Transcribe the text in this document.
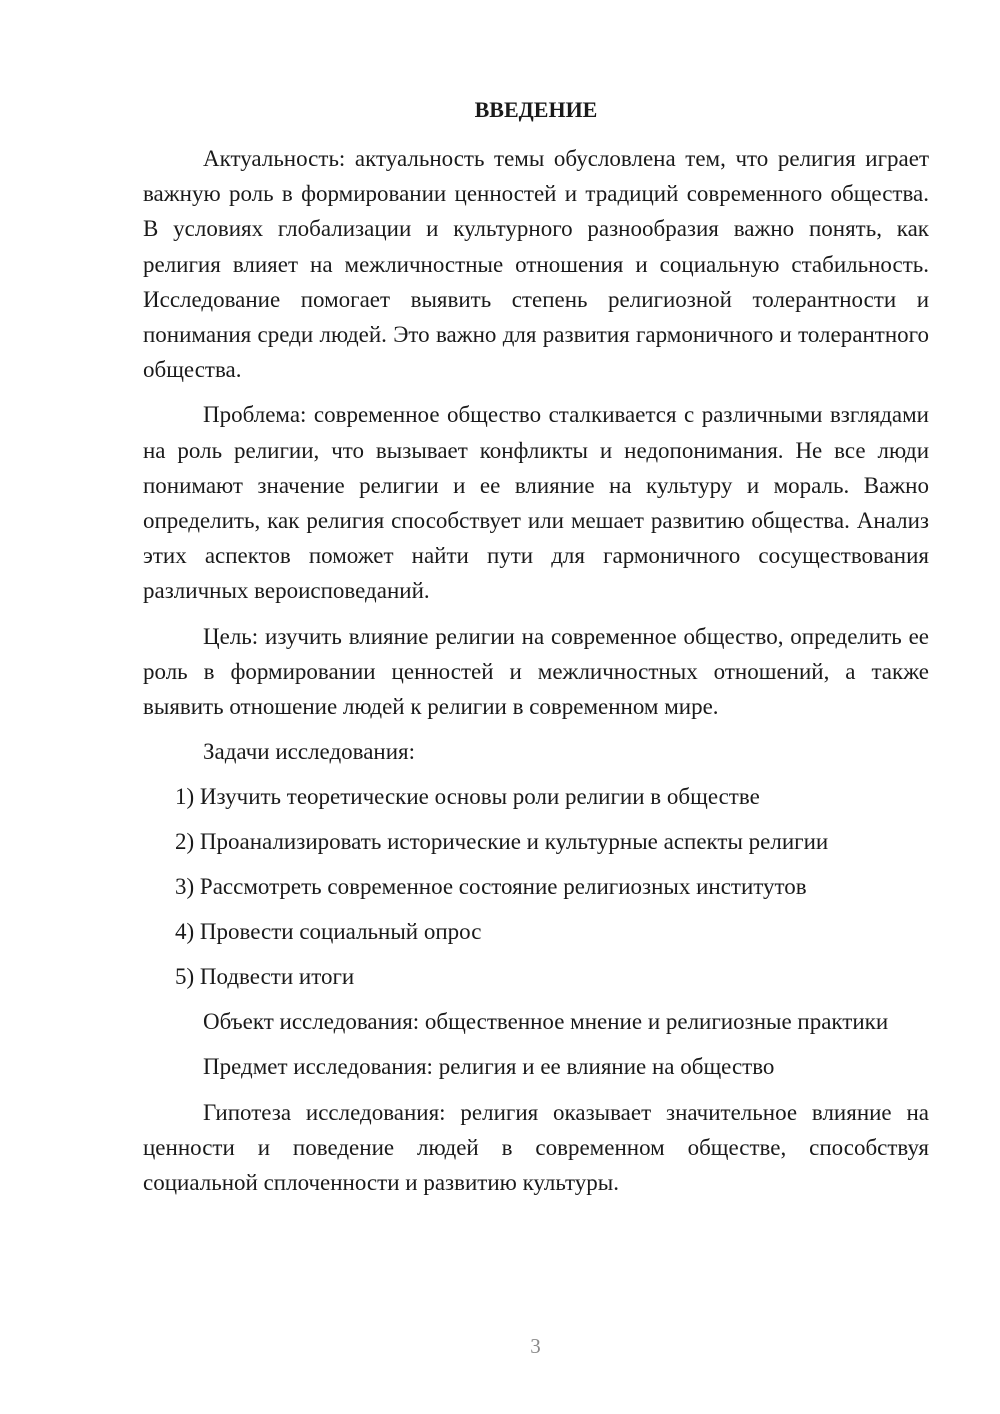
ВВЕДЕНИЕ

Актуальность: актуальность темы обусловлена тем, что религия играет важную роль в формировании ценностей и традиций современного общества. В условиях глобализации и культурного разнообразия важно понять, как религия влияет на межличностные отношения и социальную стабильность. Исследование помогает выявить степень религиозной толерантности и понимания среди людей. Это важно для развития гармоничного и толерантного общества.

Проблема: современное общество сталкивается с различными взглядами на роль религии, что вызывает конфликты и недопонимания. Не все люди понимают значение религии и ее влияние на культуру и мораль. Важно определить, как религия способствует или мешает развитию общества. Анализ этих аспектов поможет найти пути для гармоничного сосуществования различных вероисповеданий.

Цель: изучить влияние религии на современное общество, определить ее роль в формировании ценностей и межличностных отношений, а также выявить отношение людей к религии в современном мире.

Задачи исследования:
1) Изучить теоретические основы роли религии в обществе
2) Проанализировать исторические и культурные аспекты религии
3) Рассмотреть современное состояние религиозных институтов
4) Провести социальный опрос
5) Подвести итоги

Объект исследования: общественное мнение и религиозные практики

Предмет исследования: религия и ее влияние на общество

Гипотеза исследования: религия оказывает значительное влияние на ценности и поведение людей в современном обществе, способствуя социальной сплоченности и развитию культуры.

3
